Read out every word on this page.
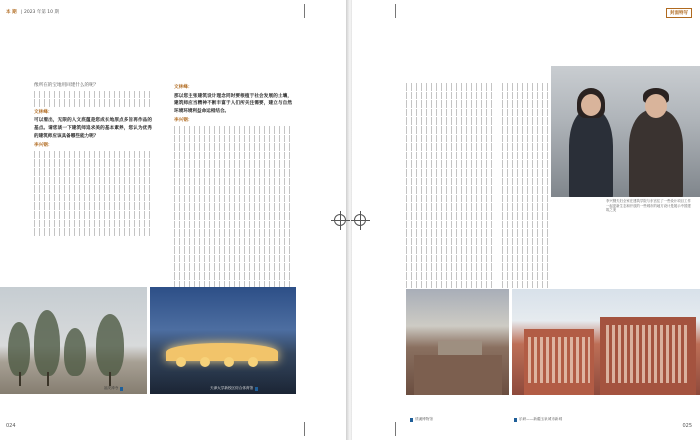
本 期 | 2023 年第 10 期

像所在的宝地用回建什么的呢？

文林峰：

可以看出，无限的人文底蕴是您成长地原点多旨再作品的基点。请您谈一下建筑师追求美的基本素养，您认为优秀的建筑师应该具备哪些能力呢？

李兴钢：

文林峰：

那以您主张建筑设计理念同时要根植于社会发展的土壤，建筑师应当精神不断丰富于人们所关注需要，建立与自然环境环境利益命运相结合。

李兴钢：

福安禅寺	天津大学新校区综合体育馆
024
封面特写
李兴钢夫妇全家在建筑学院与东宫住了一些设计项目工作一起更新生态和开放的一些城市的地方设计是展示中国建筑之美
绩溪博物馆	乐研——新疆玉泉城市新城
025
